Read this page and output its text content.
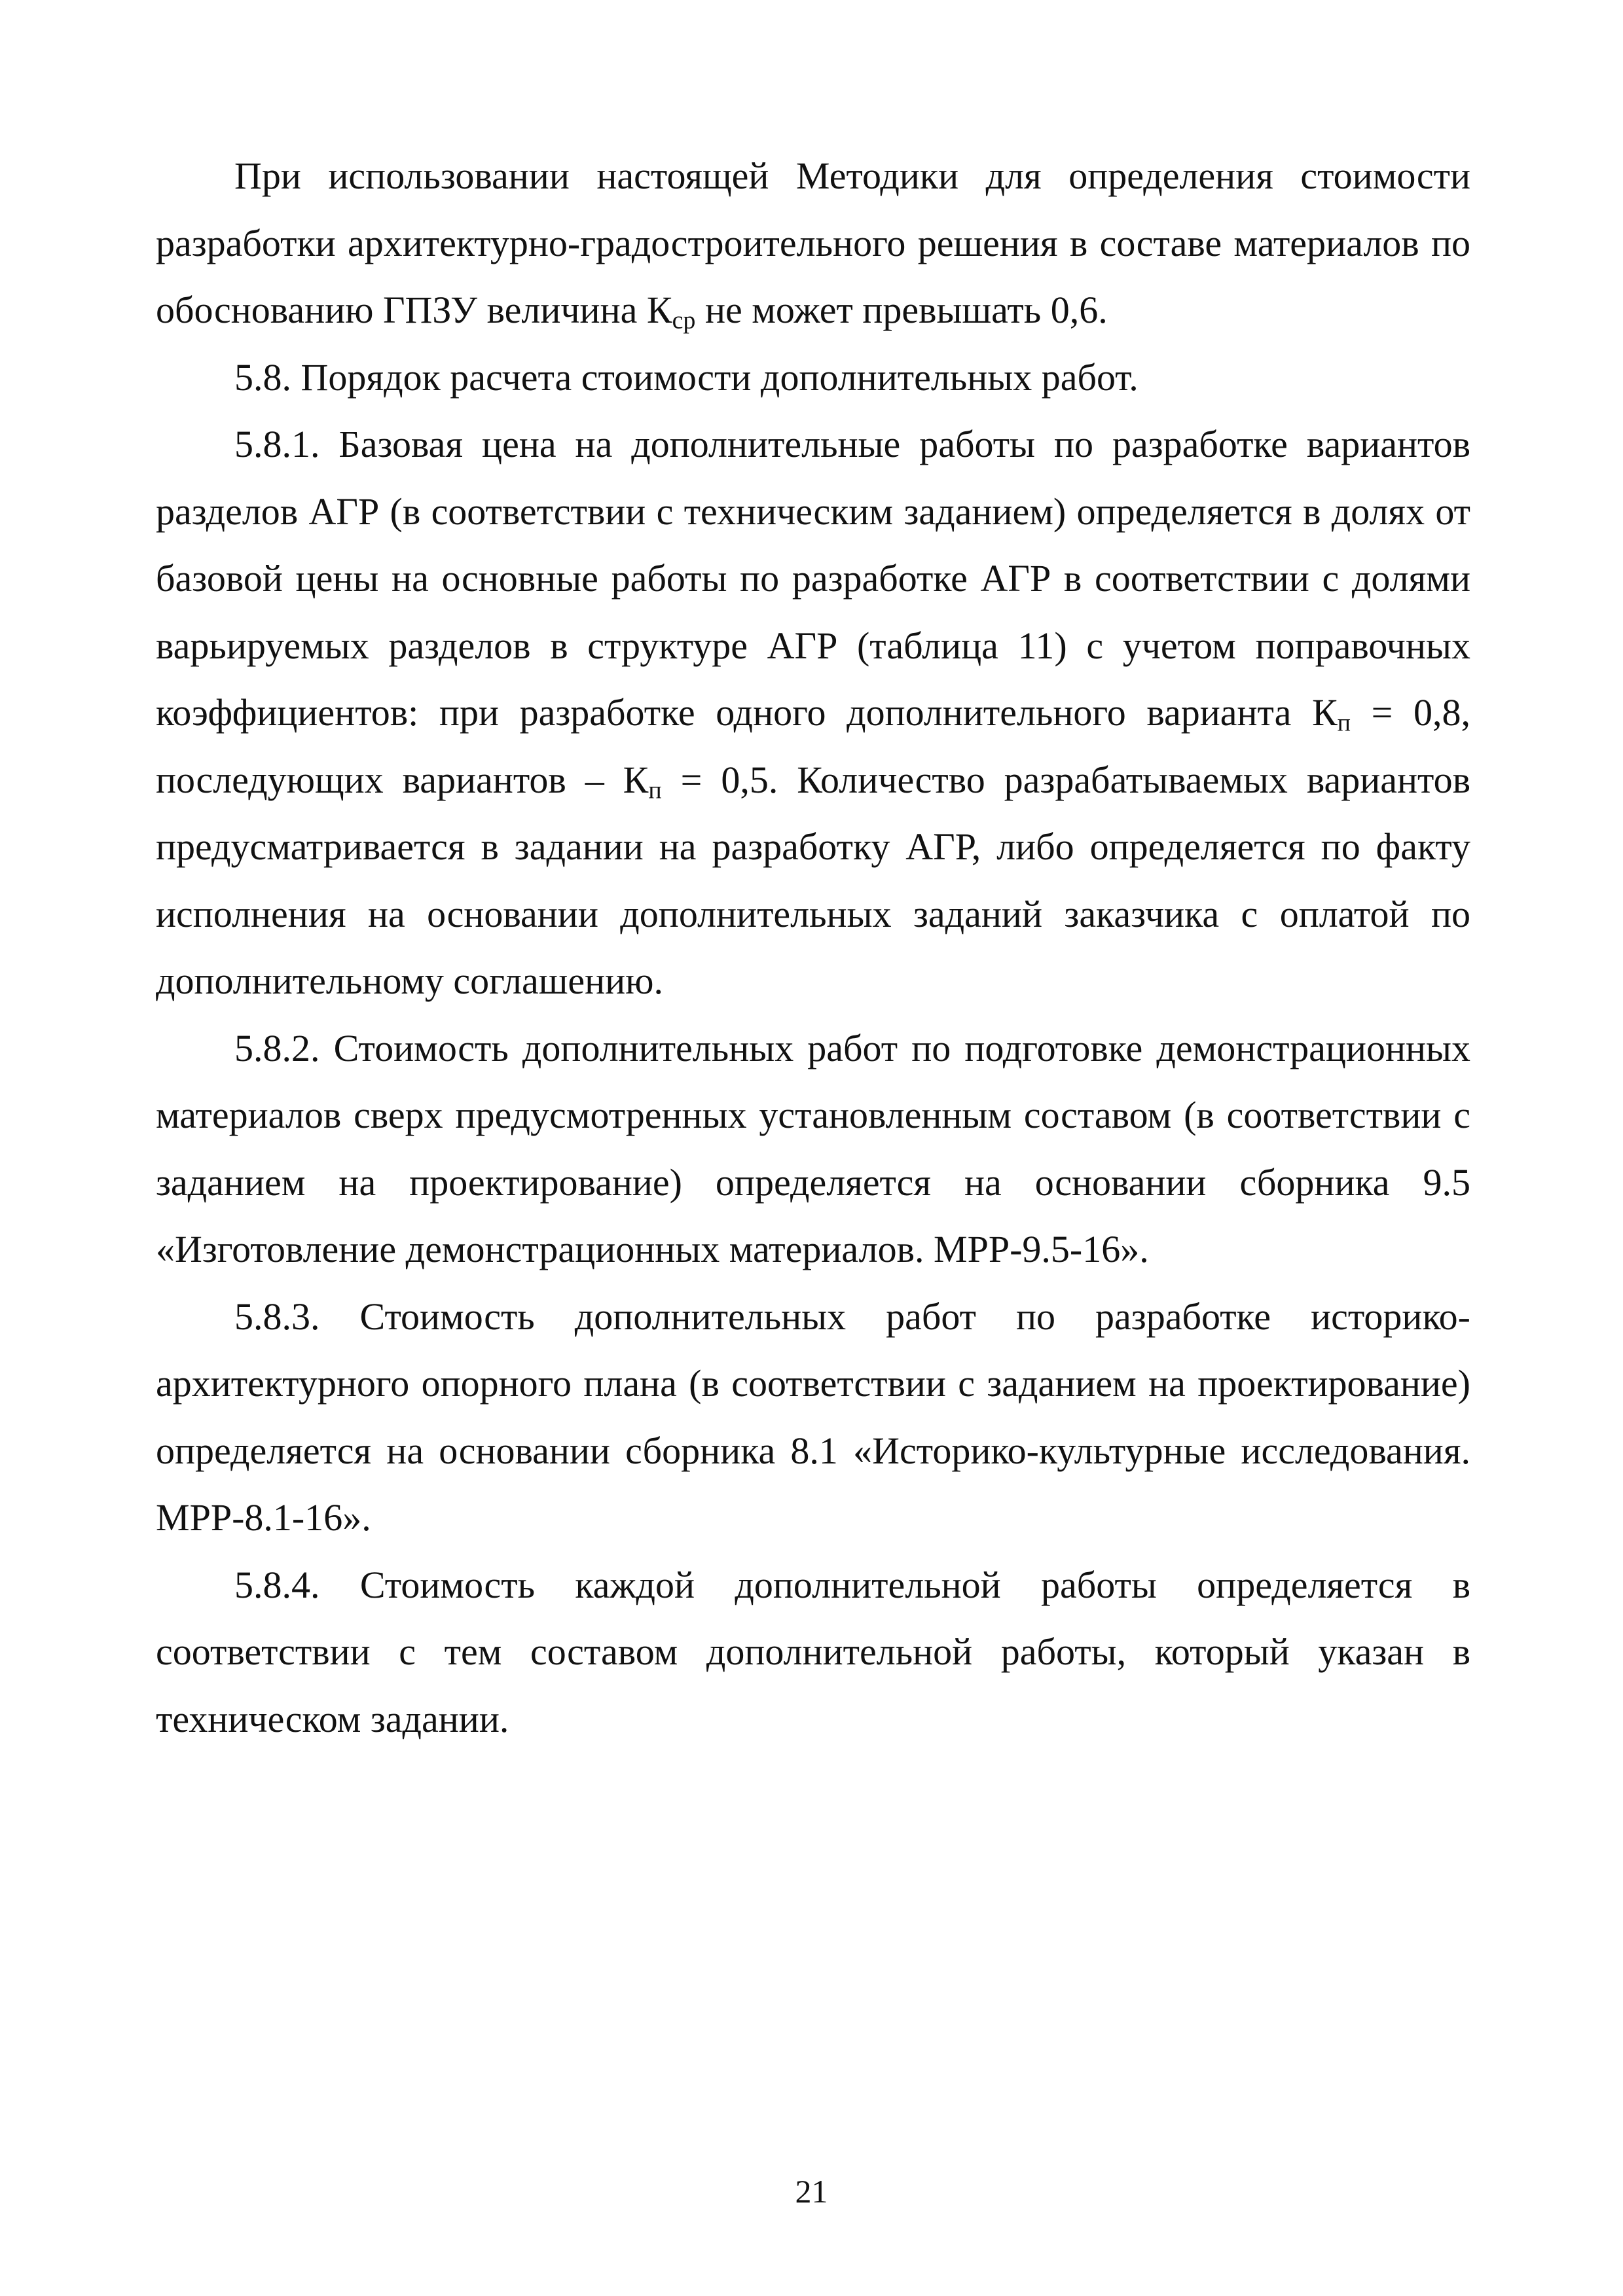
При использовании настоящей Методики для определения стоимости разработки архитектурно-градостроительного решения в составе материалов по обоснованию ГПЗУ величина $К_{ср}$ не может превышать 0,6.

5.8. Порядок расчета стоимости дополнительных работ.

5.8.1. Базовая цена на дополнительные работы по разработке вариантов разделов АГР (в соответствии с техническим заданием) определяется в долях от базовой цены на основные работы по разработке АГР в соответствии с долями варьируемых разделов в структуре АГР (таблица 11) с учетом поправочных коэффициентов: при разработке одного дополнительного варианта $К_п = 0,8$, последующих вариантов – $К_п = 0,5$. Количество разрабатываемых вариантов предусматривается в задании на разработку АГР, либо определяется по факту исполнения на основании дополнительных заданий заказчика с оплатой по дополнительному соглашению.

5.8.2. Стоимость дополнительных работ по подготовке демонстрационных материалов сверх предусмотренных установленным составом (в соответствии с заданием на проектирование) определяется на основании сборника 9.5 «Изготовление демонстрационных материалов. МРР-9.5-16».

5.8.3. Стоимость дополнительных работ по разработке историко-архитектурного опорного плана (в соответствии с заданием на проектирование) определяется на основании сборника 8.1 «Историко-культурные исследования. МРР-8.1-16».

5.8.4. Стоимость каждой дополнительной работы определяется в соответствии с тем составом дополнительной работы, который указан в техническом задании.

21
